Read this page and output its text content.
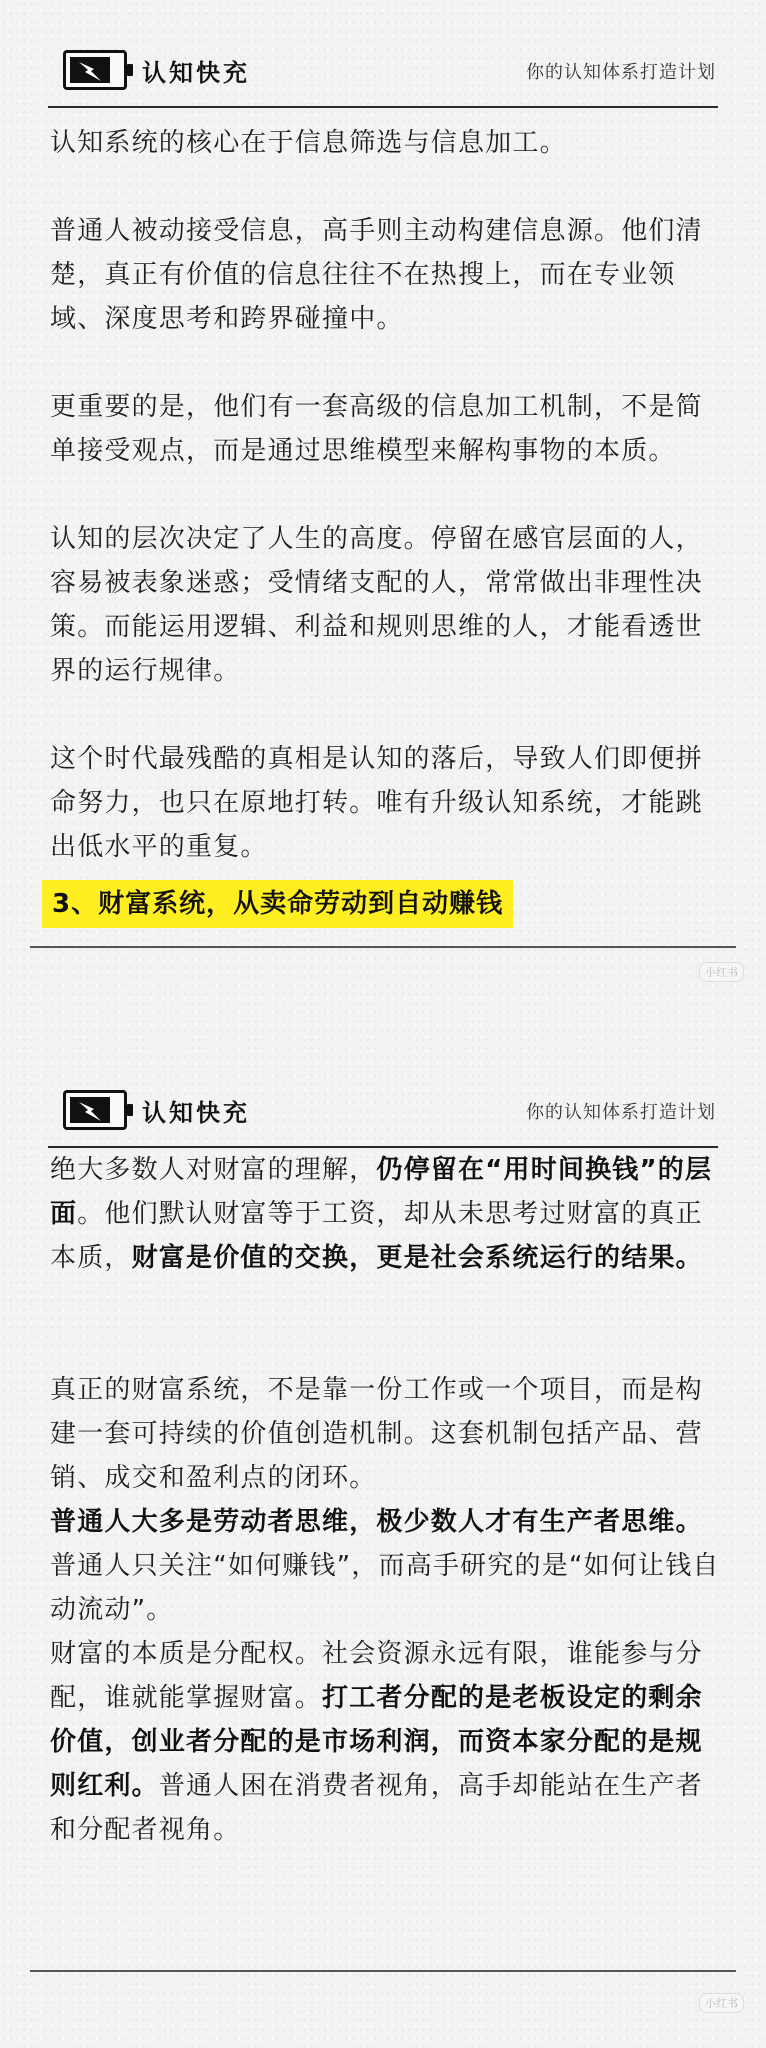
认知快充	你的认知体系打造计划

认知系统的核心在于信息筛选与信息加工。

普通人被动接受信息，高手则主动构建信息源。他们清楚，真正有价值的信息往往不在热搜上，而在专业领域、深度思考和跨界碰撞中。

更重要的是，他们有一套高级的信息加工机制，不是简单接受观点，而是通过思维模型来解构事物的本质。

认知的层次决定了人生的高度。停留在感官层面的人，容易被表象迷惑；受情绪支配的人，常常做出非理性决策。而能运用逻辑、利益和规则思维的人，才能看透世界的运行规律。

这个时代最残酷的真相是认知的落后，导致人们即便拼命努力，也只在原地打转。唯有升级认知系统，才能跳出低水平的重复。

3、财富系统，从卖命劳动到自动赚钱
小红书
认知快充	你的认知体系打造计划

绝大多数人对财富的理解，仍停留在“用时间换钱”的层面。他们默认财富等于工资，却从未思考过财富的真正本质，财富是价值的交换，更是社会系统运行的结果。

真正的财富系统，不是靠一份工作或一个项目，而是构建一套可持续的价值创造机制。这套机制包括产品、营销、成交和盈利点的闭环。

普通人大多是劳动者思维，极少数人才有生产者思维。普通人只关注“如何赚钱”，而高手研究的是“如何让钱自动流动”。

财富的本质是分配权。社会资源永远有限，谁能参与分配，谁就能掌握财富。打工者分配的是老板设定的剩余价值，创业者分配的是市场利润，而资本家分配的是规则红利。普通人困在消费者视角，高手却能站在生产者和分配者视角。

小红书
